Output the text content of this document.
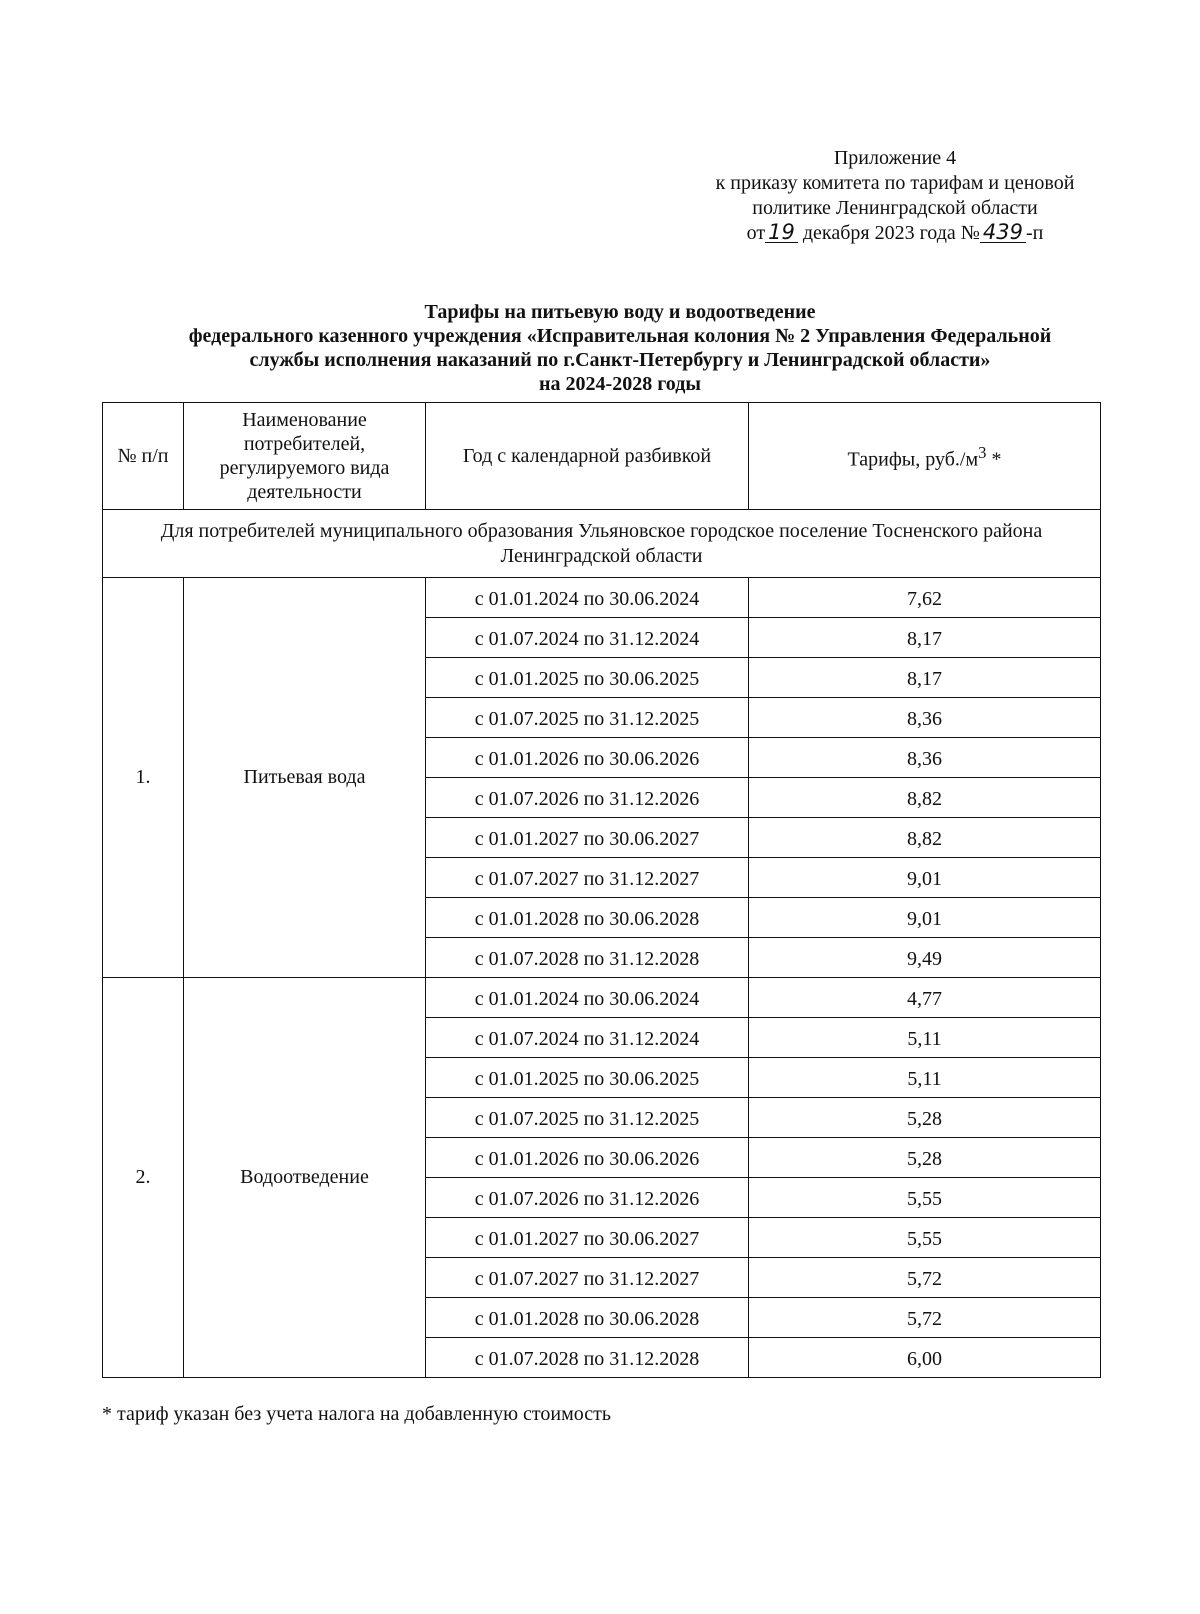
Приложение 4
к приказу комитета по тарифам и ценовой
политике Ленинградской области
от 19 декабря 2023 года № 439 -п
Тарифы на питьевую воду и водоотведение
федерального казенного учреждения «Исправительная колония № 2 Управления Федеральной
службы исполнения наказаний по г.Санкт-Петербургу и Ленинградской области»
на 2024-2028 годы
№ п/п	Наименование потребителей, регулируемого вида деятельности	Год с календарной разбивкой	Тарифы, $руб./м^3$ *
Для потребителей муниципального образования Ульяновское городское поселение Тосненского района Ленинградской области			
1.	Питьевая вода	с 01.01.2024 по 30.06.2024	7,62
		с 01.07.2024 по 31.12.2024	8,17
		с 01.01.2025 по 30.06.2025	8,17
		с 01.07.2025 по 31.12.2025	8,36
		с 01.01.2026 по 30.06.2026	8,36
		с 01.07.2026 по 31.12.2026	8,82
		с 01.01.2027 по 30.06.2027	8,82
		с 01.07.2027 по 31.12.2027	9,01
		с 01.01.2028 по 30.06.2028	9,01
		с 01.07.2028 по 31.12.2028	9,49
2.	Водоотведение	с 01.01.2024 по 30.06.2024	4,77
		с 01.07.2024 по 31.12.2024	5,11
		с 01.01.2025 по 30.06.2025	5,11
		с 01.07.2025 по 31.12.2025	5,28
		с 01.01.2026 по 30.06.2026	5,28
		с 01.07.2026 по 31.12.2026	5,55
		с 01.01.2027 по 30.06.2027	5,55
		с 01.07.2027 по 31.12.2027	5,72
		с 01.01.2028 по 30.06.2028	5,72
		с 01.07.2028 по 31.12.2028	6,00
* тариф указан без учета налога на добавленную стоимость
